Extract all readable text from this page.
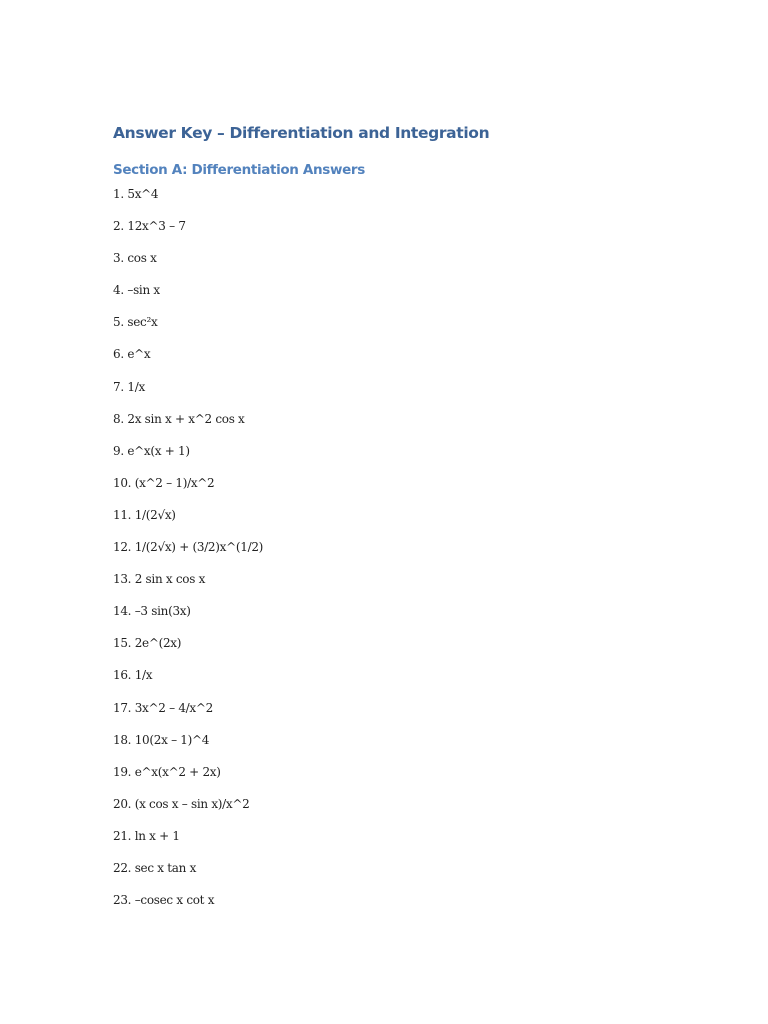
Answer Key – Differentiation and Integration
Section A: Differentiation Answers
1. 5x^4
2. 12x^3 – 7
3. cos x
4. –sin x
5. sec²x
6. e^x
7. 1/x
8. 2x sin x + x^2 cos x
9. e^x(x + 1)
10. (x^2 – 1)/x^2
11. 1/(2√x)
12. 1/(2√x) + (3/2)x^(1/2)
13. 2 sin x cos x
14. –3 sin(3x)
15. 2e^(2x)
16. 1/x
17. 3x^2 – 4/x^2
18. 10(2x – 1)^4
19. e^x(x^2 + 2x)
20. (x cos x – sin x)/x^2
21. ln x + 1
22. sec x tan x
23. –cosec x cot x
